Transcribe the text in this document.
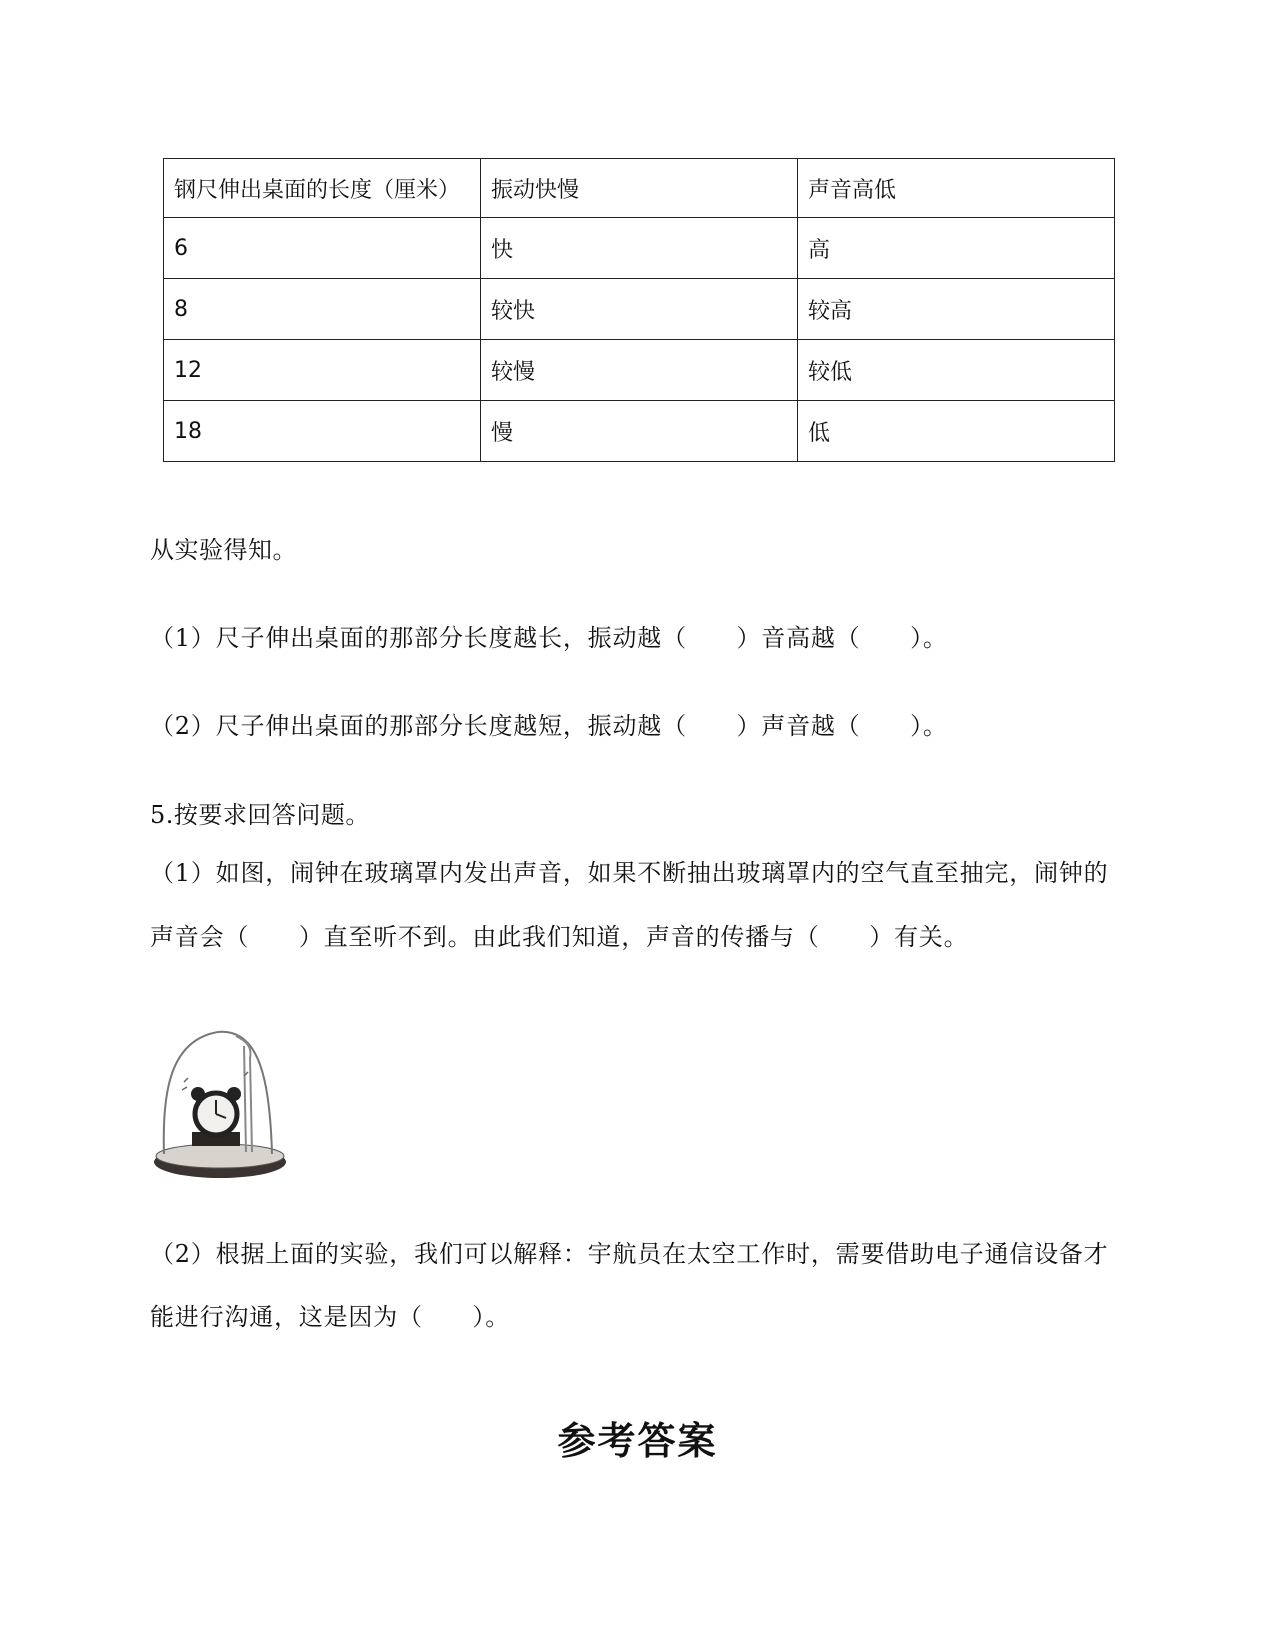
钢尺伸出桌面的长度（厘米）	振动快慢	声音高低
6	快	高
8	较快	较高
12	较慢	较低
18	慢	低
从实验得知。
（1）尺子伸出桌面的那部分长度越长，振动越（　　）音高越（　　）。
（2）尺子伸出桌面的那部分长度越短，振动越（　　）声音越（　　）。
5.按要求回答问题。
（1）如图，闹钟在玻璃罩内发出声音，如果不断抽出玻璃罩内的空气直至抽完，闹钟的
声音会（　　）直至听不到。由此我们知道，声音的传播与（　　）有关。
（2）根据上面的实验，我们可以解释：宇航员在太空工作时，需要借助电子通信设备才
能进行沟通，这是因为（　　）。
参考答案
